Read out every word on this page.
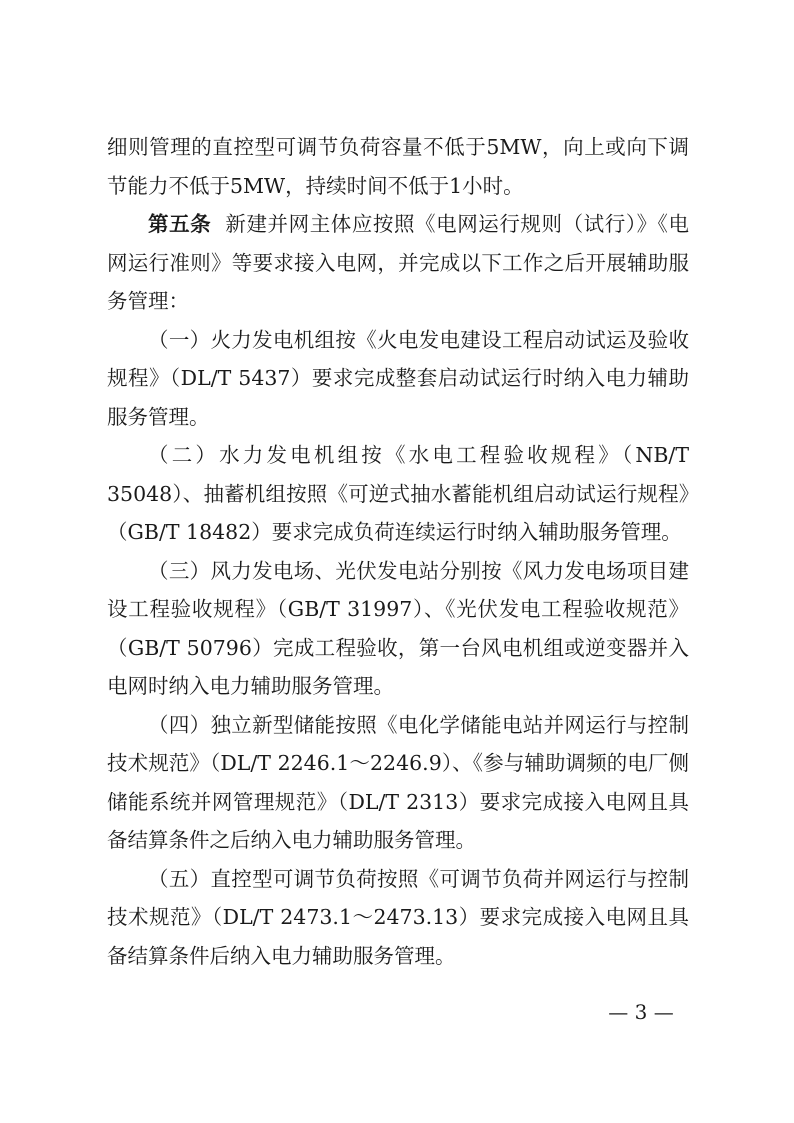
细则管理的直控型可调节负荷容量不低于5MW，向上或向下调节能力不低于5MW，持续时间不低于1小时。

第五条 新建并网主体应按照《电网运行规则（试行）》《电网运行准则》等要求接入电网，并完成以下工作之后开展辅助服务管理：

（一）火力发电机组按《火电发电建设工程启动试运及验收规程》（DL/T 5437）要求完成整套启动试运行时纳入电力辅助服务管理。

（二）水力发电机组按《水电工程验收规程》（NB/T 35048）、抽蓄机组按照《可逆式抽水蓄能机组启动试运行规程》（GB/T 18482）要求完成负荷连续运行时纳入辅助服务管理。

（三）风力发电场、光伏发电站分别按《风力发电场项目建设工程验收规程》（GB/T 31997）、《光伏发电工程验收规范》（GB/T 50796）完成工程验收，第一台风电机组或逆变器并入电网时纳入电力辅助服务管理。

（四）独立新型储能按照《电化学储能电站并网运行与控制技术规范》（DL/T 2246.1～2246.9）、《参与辅助调频的电厂侧储能系统并网管理规范》（DL/T 2313）要求完成接入电网且具备结算条件之后纳入电力辅助服务管理。

（五）直控型可调节负荷按照《可调节负荷并网运行与控制技术规范》（DL/T 2473.1～2473.13）要求完成接入电网且具备结算条件后纳入电力辅助服务管理。

— 3 —
